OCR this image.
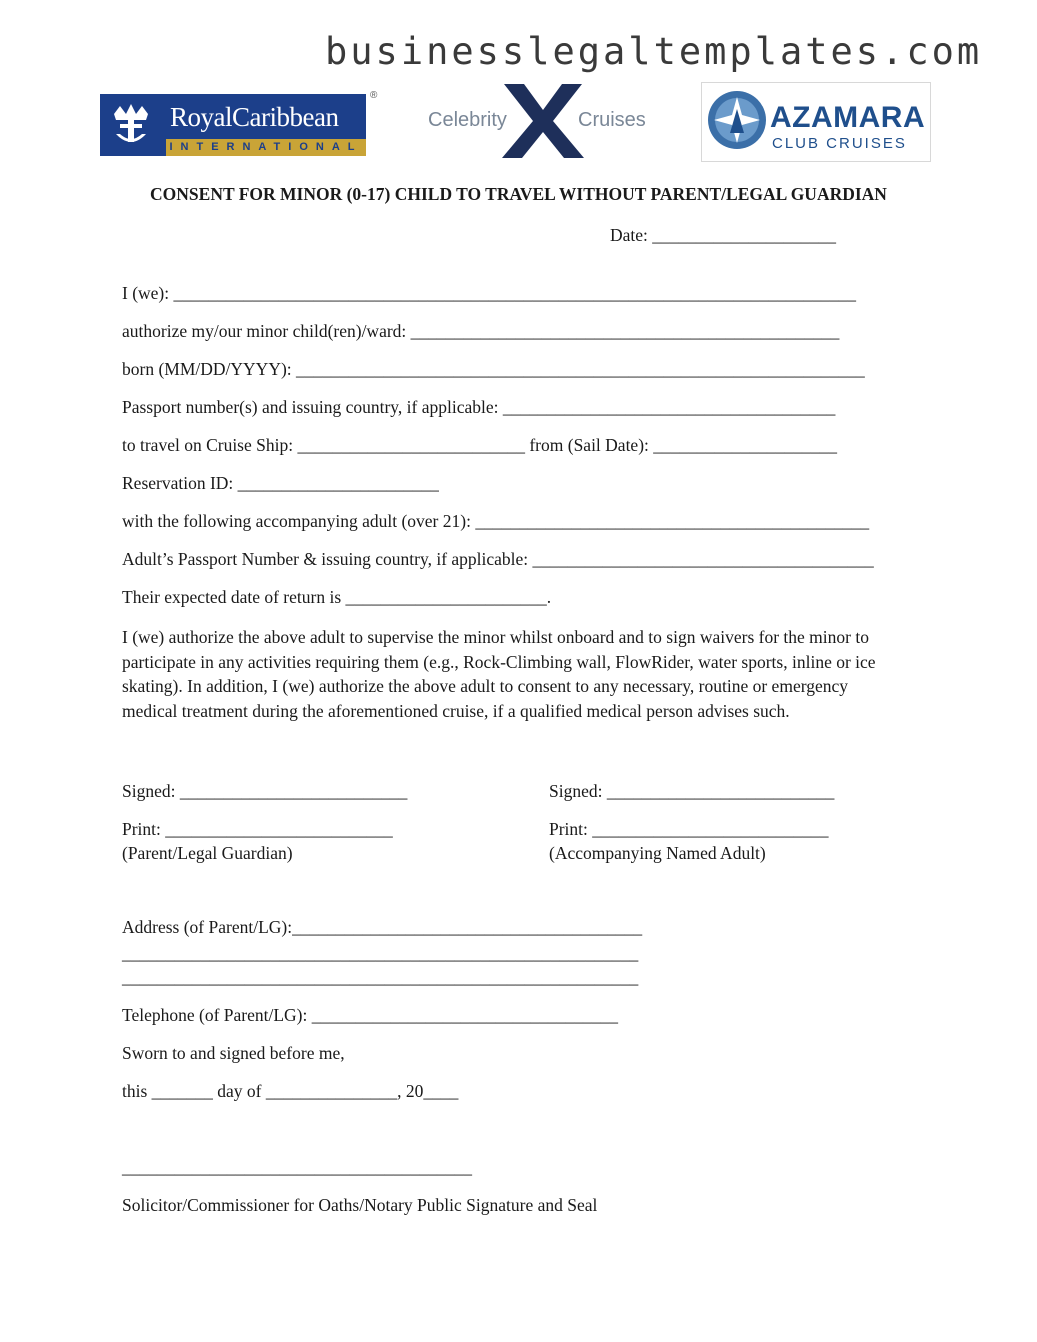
businesslegaltemplates.com
RoyalCaribbean
INTERNATIONAL
®
Celebrity	Cruises	AZAMARA
CLUB CRUISES
CONSENT FOR MINOR (0-17) CHILD TO TRAVEL WITHOUT PARENT/LEGAL GUARDIAN
Date: _____________________
I (we): ______________________________________________________________________________
authorize my/our minor child(ren)/ward: _________________________________________________
born (MM/DD/YYYY): _________________________________________________________________
Passport number(s) and issuing country, if applicable: ______________________________________
to travel on Cruise Ship: __________________________ from (Sail Date): _____________________
Reservation ID: _______________________
with the following accompanying adult (over 21): _____________________________________________
Adult’s Passport Number & issuing country, if applicable: _______________________________________
Their expected date of return is _______________________.
I (we) authorize the above adult to supervise the minor whilst onboard and to sign waivers for the minor to participate in any activities requiring them (e.g., Rock-Climbing wall, FlowRider, water sports, inline or ice skating). In addition, I (we) authorize the above adult to consent to any necessary, routine or emergency medical treatment during the aforementioned cruise, if a qualified medical person advises such.
Signed: __________________________	Signed: __________________________
Print: __________________________	Print: ___________________________
(Parent/Legal Guardian)	(Accompanying Named Adult)
Address (of Parent/LG):________________________________________
___________________________________________________________
___________________________________________________________
Telephone (of Parent/LG): ___________________________________
Sworn to and signed before me,
this _______ day of _______________, 20____
________________________________________
Solicitor/Commissioner for Oaths/Notary Public Signature and Seal
